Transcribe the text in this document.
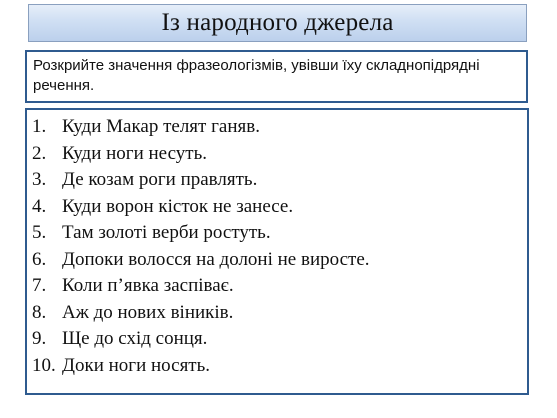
Із народного джерела

Розкрийте значення фразеологізмів, увівши їху складнопідрядні речення.

1. Куди Макар телят ганяв.
2. Куди ноги несуть.
3. Де козам роги правлять.
4. Куди ворон кісток не занесе.
5. Там золоті верби ростуть.
6. Допоки волосся на долоні не виросте.
7. Коли п’явка заспіває.
8. Аж до нових віників.
9. Ще до схід сонця.
10. Доки ноги носять.
